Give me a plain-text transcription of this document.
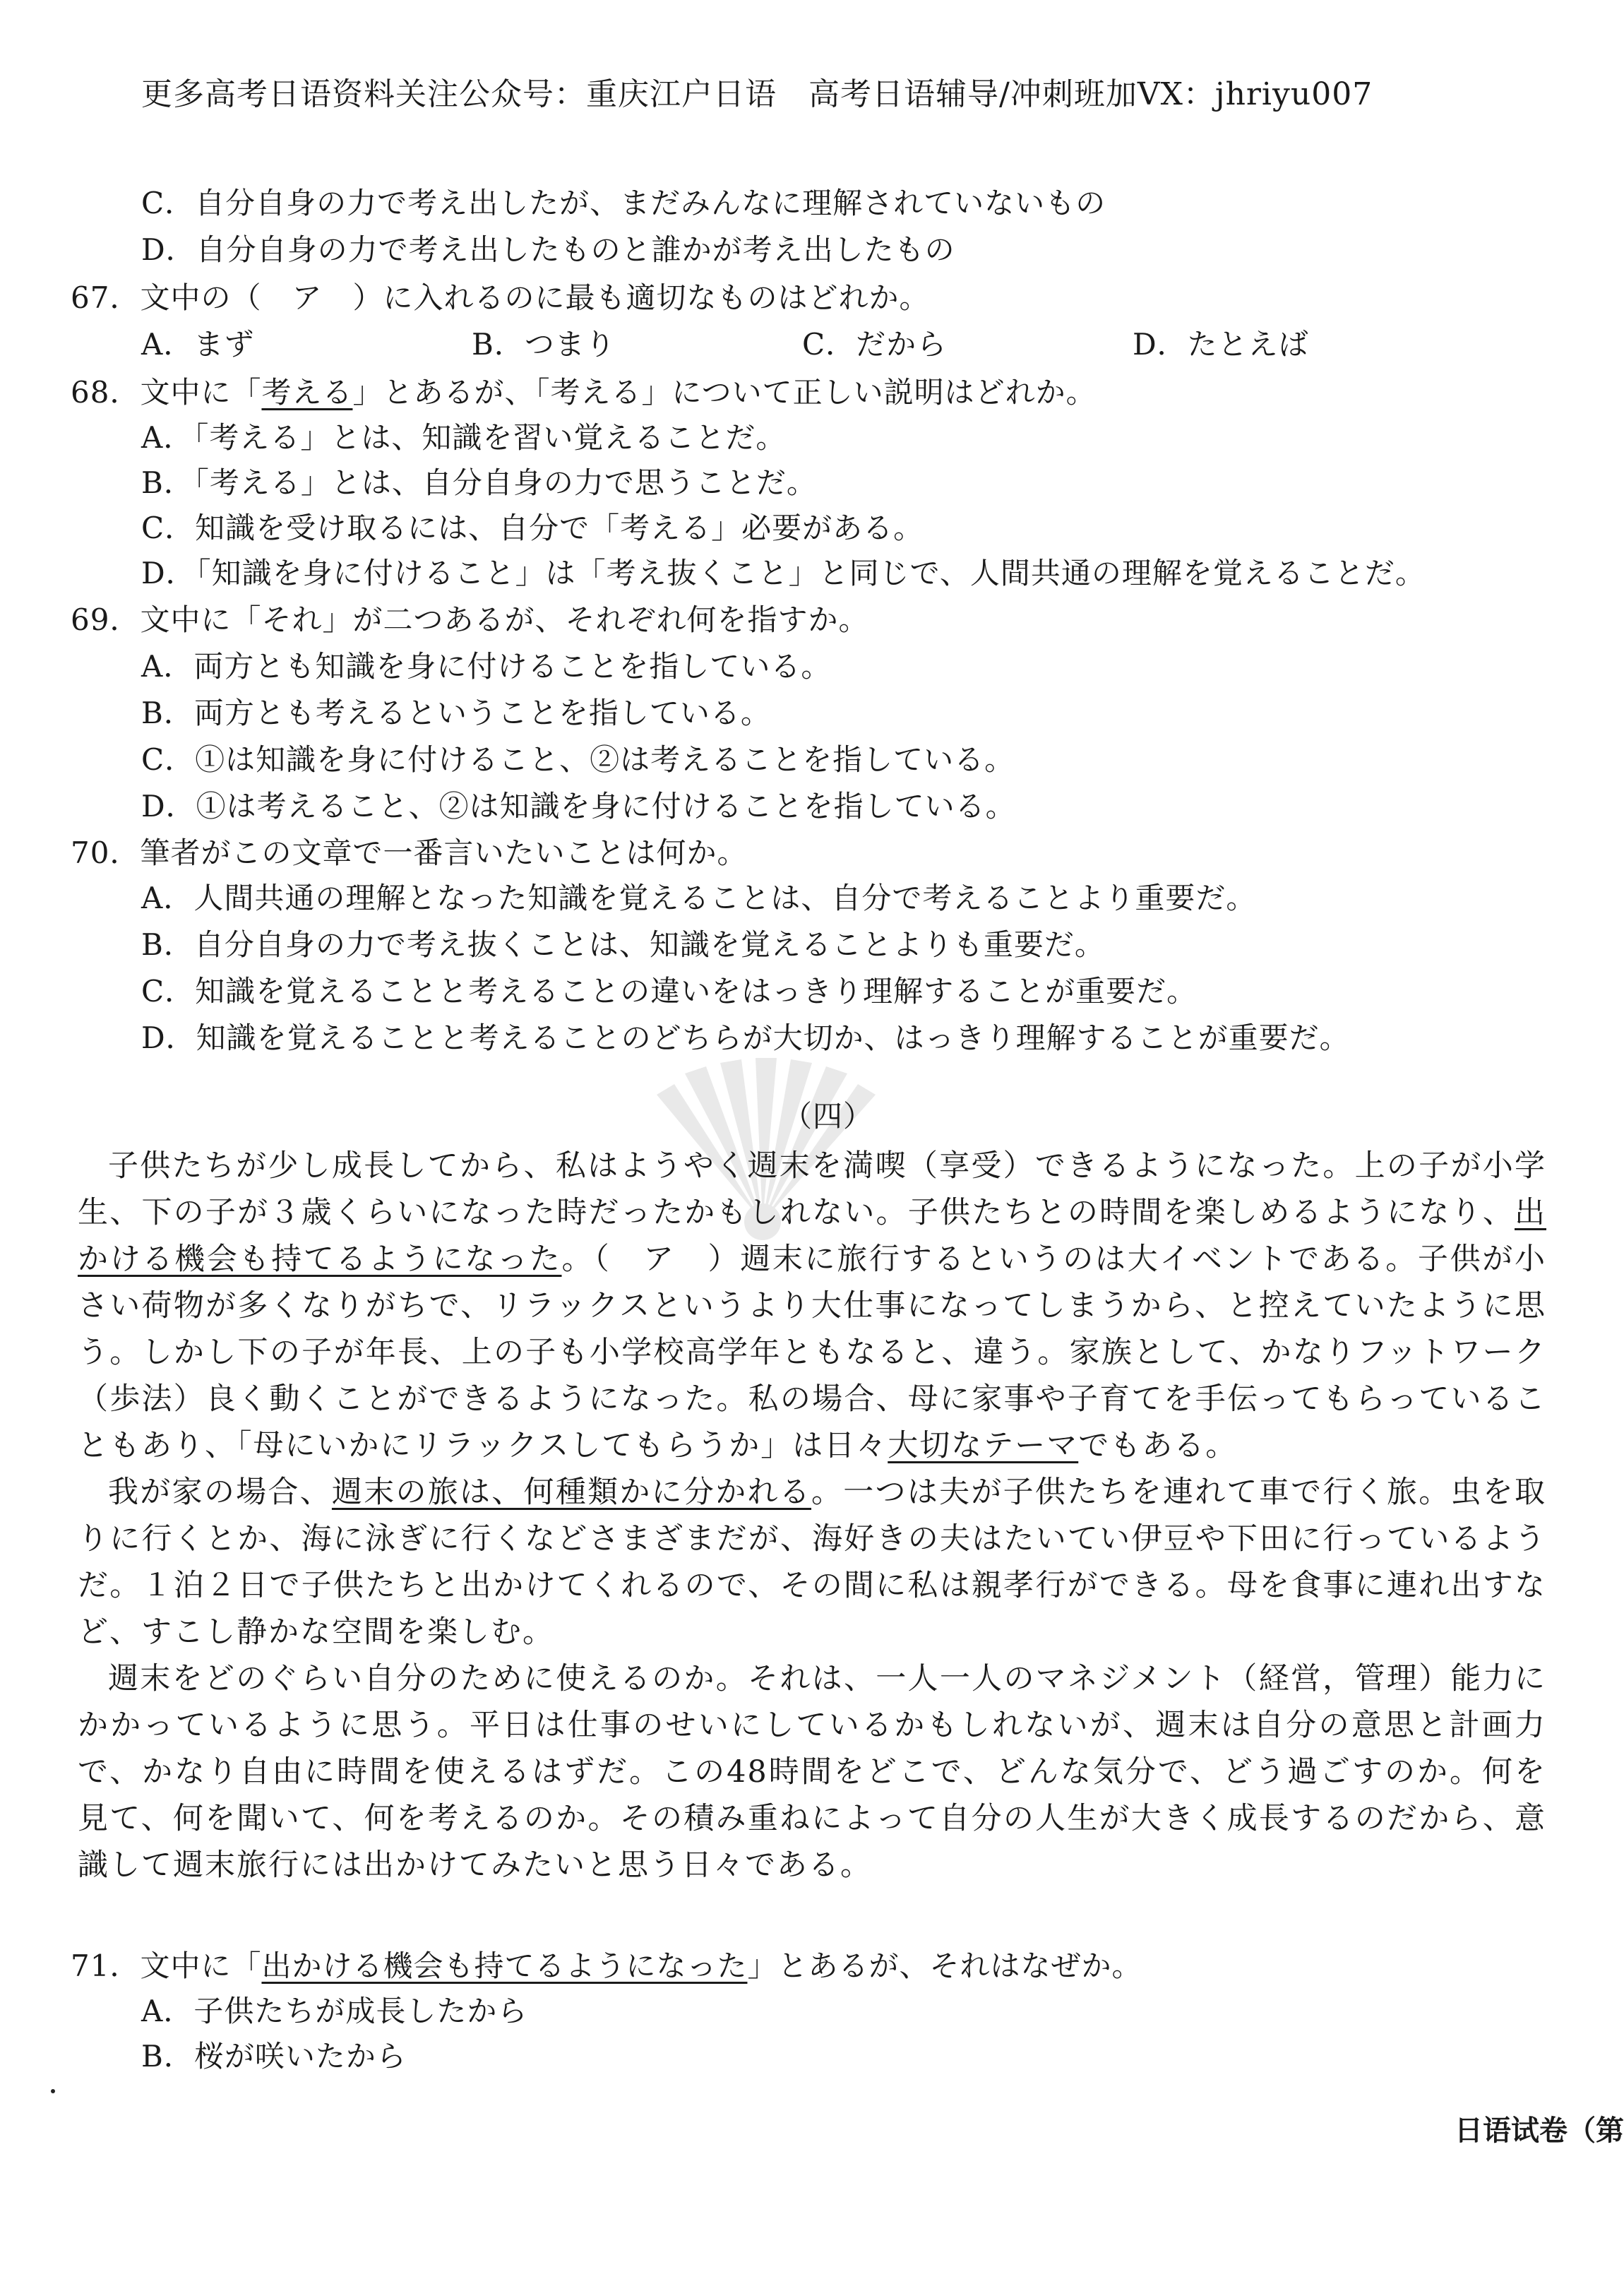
更多高考日语资料关注公众号：重庆江户日语　高考日语辅导/冲刺班加VX：jhriyu007
C．自分自身の力で考え出したが、まだみんなに理解されていないもの
D．自分自身の力で考え出したものと誰かが考え出したもの
67．文中の（　ア　）に入れるのに最も適切なものはどれか。
A．まず	B．つまり	C．だから	D．たとえば
68．文中に「考える」とあるが、「考える」について正しい説明はどれか。
A．「考える」とは、知識を習い覚えることだ。
B．「考える」とは、自分自身の力で思うことだ。
C．知識を受け取るには、自分で「考える」必要がある。
D．「知識を身に付けること」は「考え抜くこと」と同じで、人間共通の理解を覚えることだ。
69．文中に「それ」が二つあるが、それぞれ何を指すか。
A．両方とも知識を身に付けることを指している。
B．両方とも考えるということを指している。
C．①は知識を身に付けること、②は考えることを指している。
D．①は考えること、②は知識を身に付けることを指している。
70．筆者がこの文章で一番言いたいことは何か。
A．人間共通の理解となった知識を覚えることは、自分で考えることより重要だ。
B．自分自身の力で考え抜くことは、知識を覚えることよりも重要だ。
C．知識を覚えることと考えることの違いをはっきり理解することが重要だ。
D．知識を覚えることと考えることのどちらが大切か、はっきり理解することが重要だ。
（四）

子供たちが少し成長してから、私はようやく週末を満喫（享受）できるようになった。上の子が小学生、下の子が３歳くらいになった時だったかもしれない。子供たちとの時間を楽しめるようになり、出かける機会も持てるようになった。（　ア　）週末に旅行するというのは大イベントである。子供が小さい荷物が多くなりがちで、リラックスというより大仕事になってしまうから、と控えていたように思う。しかし下の子が年長、上の子も小学校高学年ともなると、違う。家族として、かなりフットワーク（歩法）良く動くことができるようになった。私の場合、母に家事や子育てを手伝ってもらっていることもあり、「母にいかにリラックスしてもらうか」は日々大切なテーマでもある。

我が家の場合、週末の旅は、何種類かに分かれる。一つは夫が子供たちを連れて車で行く旅。虫を取りに行くとか、海に泳ぎに行くなどさまざまだが、海好きの夫はたいてい伊豆や下田に行っているようだ。１泊２日で子供たちと出かけてくれるので、その間に私は親孝行ができる。母を食事に連れ出すなど、すこし静かな空間を楽しむ。

週末をどのぐらい自分のために使えるのか。それは、一人一人のマネジメント（経営，管理）能力にかかっているように思う。平日は仕事のせいにしているかもしれないが、週末は自分の意思と計画力で、かなり自由に時間を使えるはずだ。この48時間をどこで、どんな気分で、どう過ごすのか。何を見て、何を聞いて、何を考えるのか。その積み重ねによって自分の人生が大きく成長するのだから、意識して週末旅行には出かけてみたいと思う日々である。

71．文中に「出かける機会も持てるようになった」とあるが、それはなぜか。
A．子供たちが成長したから
B．桜が咲いたから
日语试卷（第
